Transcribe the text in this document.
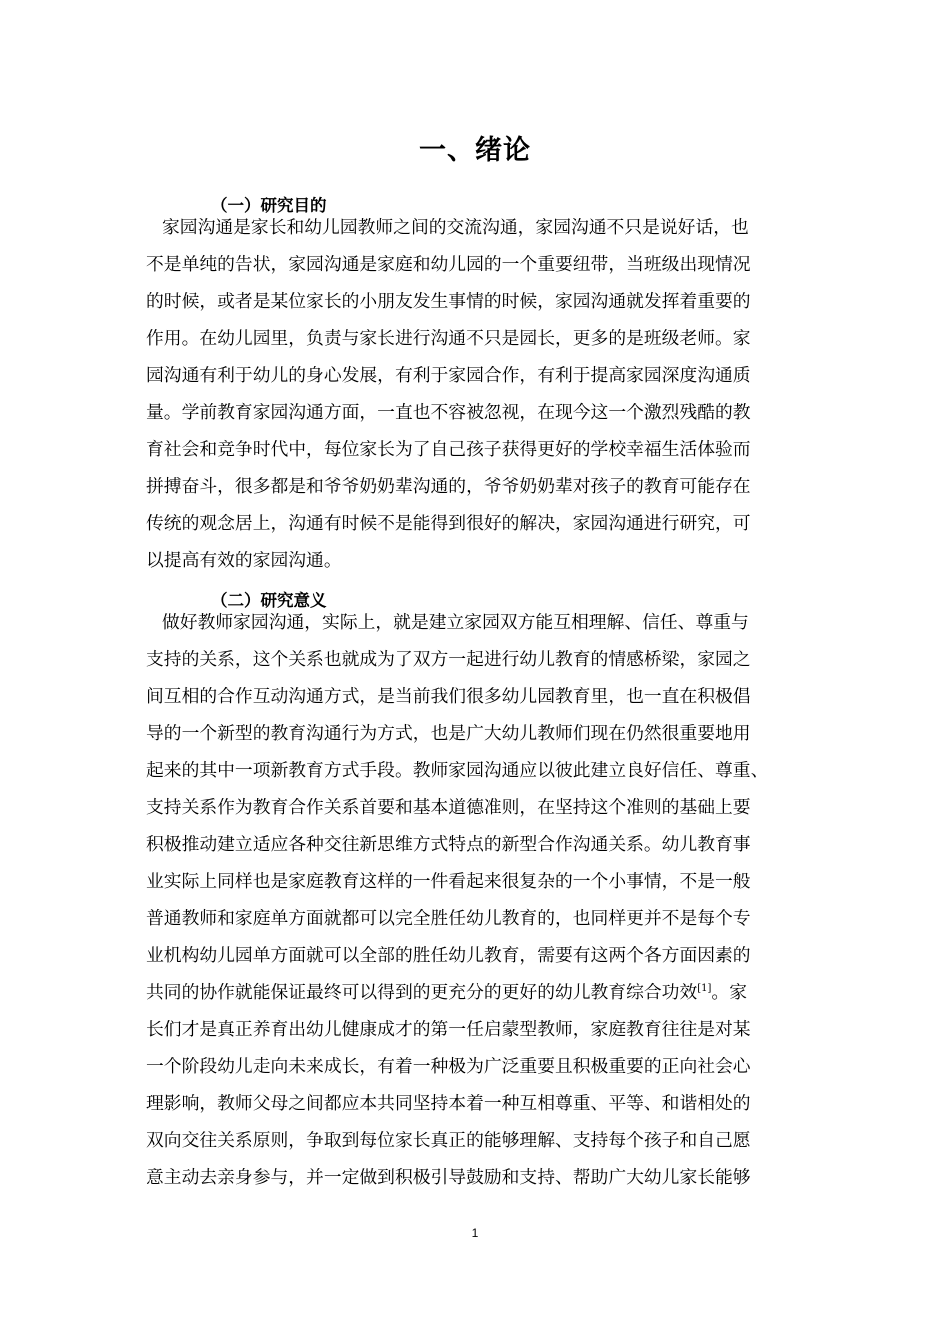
一、绪论
（一）研究目的
家园沟通是家长和幼儿园教师之间的交流沟通，家园沟通不只是说好话，也
不是单纯的告状，家园沟通是家庭和幼儿园的一个重要纽带，当班级出现情况
的时候，或者是某位家长的小朋友发生事情的时候，家园沟通就发挥着重要的
作用。在幼儿园里，负责与家长进行沟通不只是园长，更多的是班级老师。家
园沟通有利于幼儿的身心发展，有利于家园合作，有利于提高家园深度沟通质
量。学前教育家园沟通方面，一直也不容被忽视，在现今这一个激烈残酷的教
育社会和竞争时代中，每位家长为了自己孩子获得更好的学校幸福生活体验而
拼搏奋斗，很多都是和爷爷奶奶辈沟通的，爷爷奶奶辈对孩子的教育可能存在
传统的观念居上，沟通有时候不是能得到很好的解决，家园沟通进行研究，可
以提高有效的家园沟通。
（二）研究意义
做好教师家园沟通，实际上，就是建立家园双方能互相理解、信任、尊重与
支持的关系，这个关系也就成为了双方一起进行幼儿教育的情感桥梁，家园之
间互相的合作互动沟通方式，是当前我们很多幼儿园教育里，也一直在积极倡
导的一个新型的教育沟通行为方式，也是广大幼儿教师们现在仍然很重要地用
起来的其中一项新教育方式手段。教师家园沟通应以彼此建立良好信任、尊重、
支持关系作为教育合作关系首要和基本道德准则，在坚持这个准则的基础上要
积极推动建立适应各种交往新思维方式特点的新型合作沟通关系。幼儿教育事
业实际上同样也是家庭教育这样的一件看起来很复杂的一个小事情，不是一般
普通教师和家庭单方面就都可以完全胜任幼儿教育的，也同样更并不是每个专
业机构幼儿园单方面就可以全部的胜任幼儿教育，需要有这两个各方面因素的
共同的协作就能保证最终可以得到的更充分的更好的幼儿教育综合功效[1]。家
长们才是真正养育出幼儿健康成才的第一任启蒙型教师，家庭教育往往是对某
一个阶段幼儿走向未来成长，有着一种极为广泛重要且积极重要的正向社会心
理影响，教师父母之间都应本共同坚持本着一种互相尊重、平等、和谐相处的
双向交往关系原则，争取到每位家长真正的能够理解、支持每个孩子和自己愿
意主动去亲身参与，并一定做到积极引导鼓励和支持、帮助广大幼儿家长能够
1
